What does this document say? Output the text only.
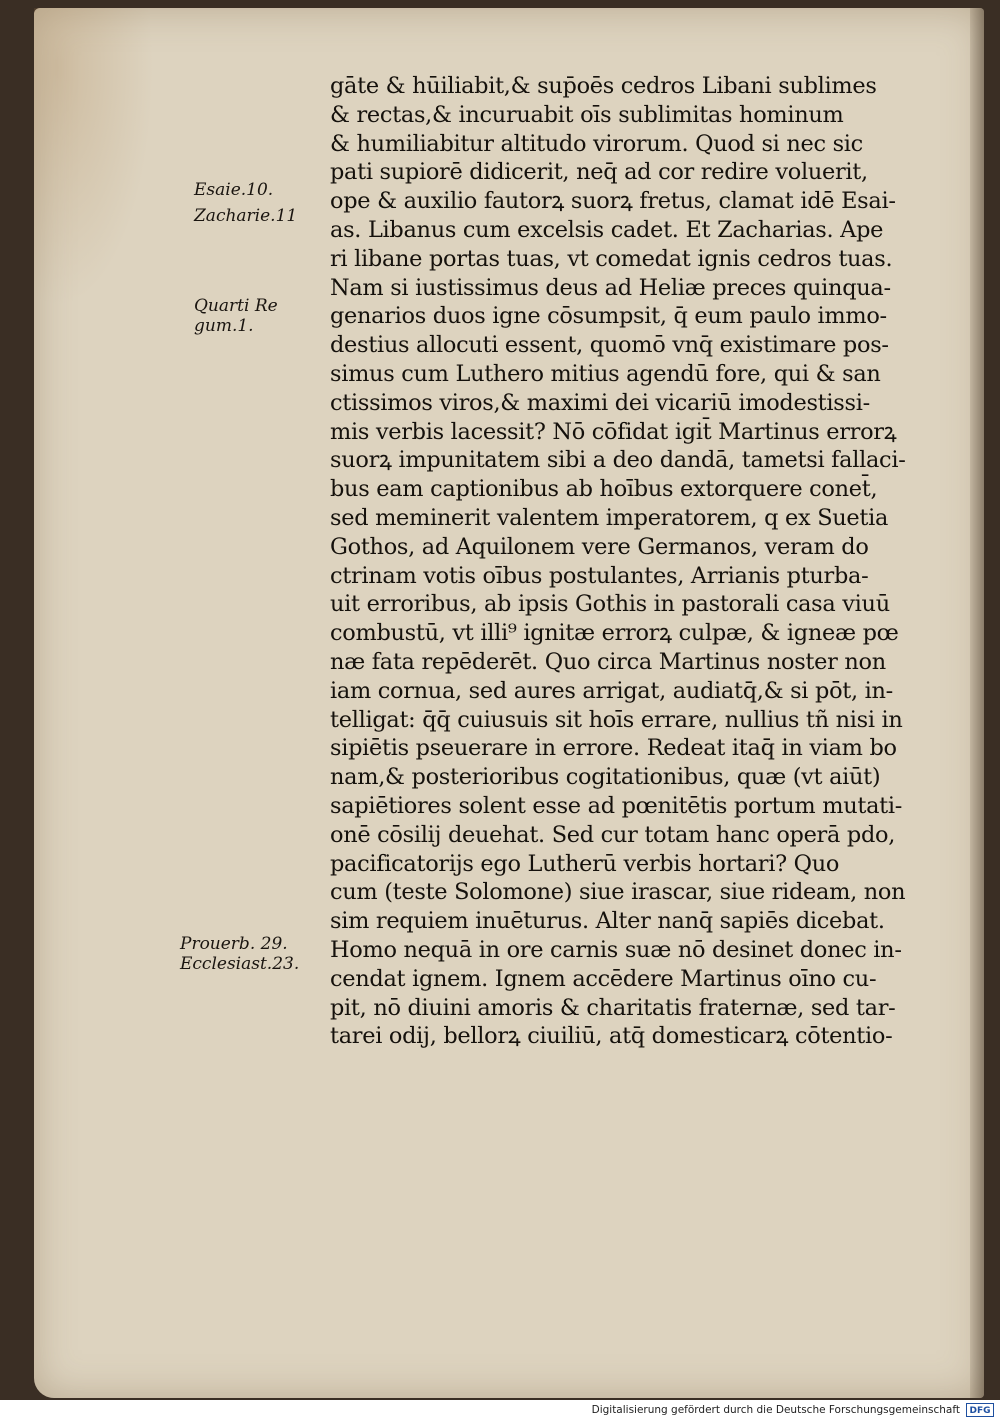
Esaie.10.
Zacharie.11
Quarti Re
gum.1.
Prouerb. 29.
Ecclesiast.23.
gāte & hūiliabit,& sup̄oēs cedros Libani sublimes
& rectas,& incuruabit oīs sublimitas hominum
& humiliabitur altitudo virorum. Quod si nec sic
pati supiorē didicerit, neq̄ ad cor redire voluerit,
ope & auxilio fautorꝝ suorꝝ fretus, clamat idē Esai-
as. Libanus cum excelsis cadet. Et Zacharias. Ape
ri libane portas tuas, vt comedat ignis cedros tuas.
Nam si iustissimus deus ad Heliæ preces quinqua-
genarios duos igne cōsumpsit, q̄ eum paulo immo-
destius allocuti essent, quomō vnq̄ existimare pos-
simus cum Luthero mitius agendū fore, qui & san
ctissimos viros,& maximi dei vicariū imodestissi-
mis verbis lacessit? Nō cōfidat igit̄ Martinus errorꝝ
suorꝝ impunitatem sibi a deo dandā, tametsi fallaci-
bus eam captionibus ab hoībus extorquere conet̄,
sed meminerit valentem imperatorem, q ex Suetia
Gothos, ad Aquilonem vere Germanos, veram do
ctrinam votis oībus postulantes, Arrianis pturba-
uit erroribus, ab ipsis Gothis in pastorali casa viuū
combustū, vt illi⁹ ignitæ errorꝝ culpæ, & igneæ pœ
næ fata repēderēt. Quo circa Martinus noster non
iam cornua, sed aures arrigat, audiatq̄,& si pōt, in-
telligat: q̄q̄ cuiusuis sit hoīs errare, nullius tñ nisi in
sipiētis pseuerare in errore. Redeat itaq̄ in viam bo
nam,& posterioribus cogitationibus, quæ (vt aiūt)
sapiētiores solent esse ad pœnitētis portum mutati-
onē cōsilij deuehat. Sed cur totam hanc operā pdo,
pacificatorijs ego Lutherū verbis hortari? Quo
cum (teste Solomone) siue irascar, siue rideam, non
sim requiem inuēturus. Alter nanq̄ sapiēs dicebat.
Homo nequā in ore carnis suæ nō desinet donec in-
cendat ignem. Ignem accēdere Martinus oīno cu-
pit, nō diuini amoris & charitatis fraternæ, sed tar-
tarei odij, bellorꝝ ciuiliū, atq̄ domesticarꝝ cōtentio-
Digitalisierung gefördert durch die Deutsche Forschungsgemeinschaft	DFG
